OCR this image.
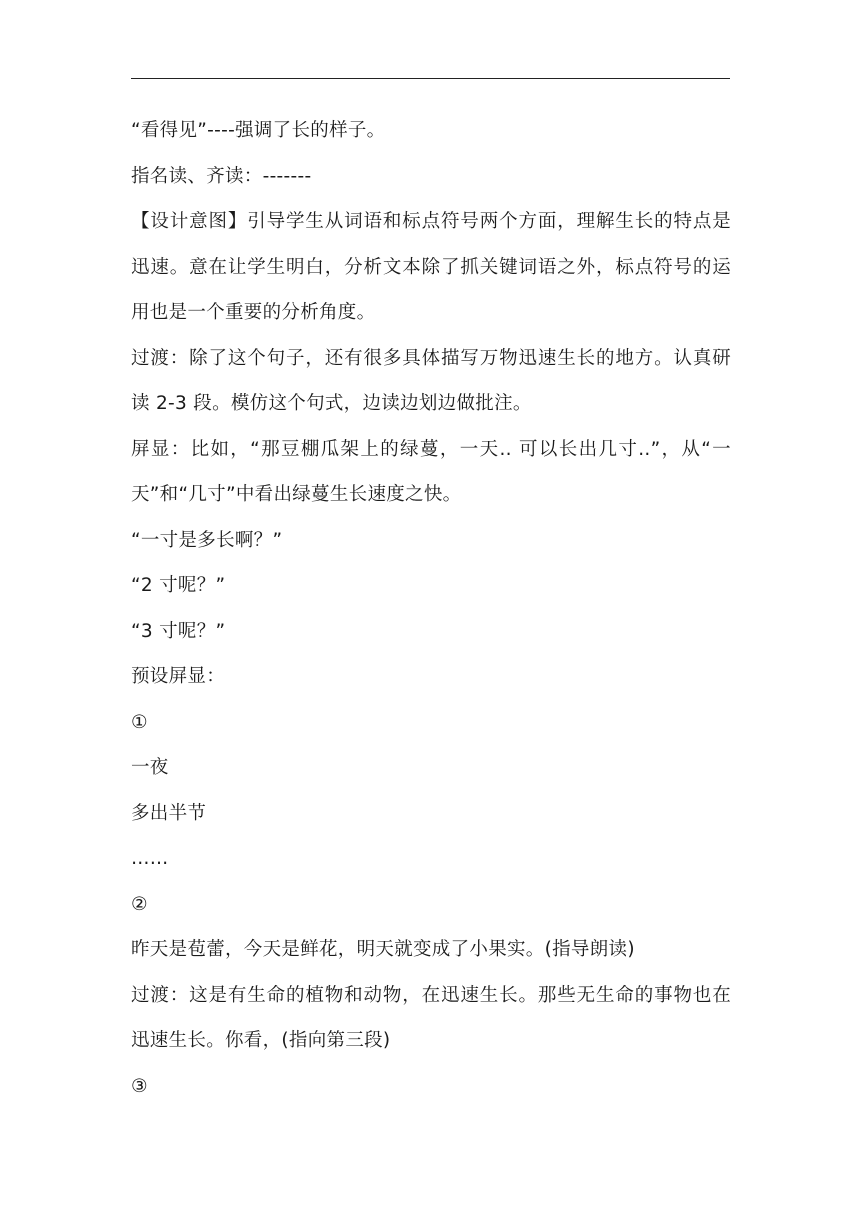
“看得见”----强调了长的样子。

指名读、齐读：-------

【设计意图】引导学生从词语和标点符号两个方面，理解生长的特点是迅速。意在让学生明白，分析文本除了抓关键词语之外，标点符号的运用也是一个重要的分析角度。

过渡：除了这个句子，还有很多具体描写万物迅速生长的地方。认真研读 2-3 段。模仿这个句式，边读边划边做批注。

屏显：比如，“那豆棚瓜架上的绿蔓，一天.. 可以长出几寸..”，从“一天”和“几寸”中看出绿蔓生长速度之快。

“一寸是多长啊？”

“2 寸呢？”

“3 寸呢？”

预设屏显：

①

一夜

多出半节

……

②

昨天是苞蕾，今天是鲜花，明天就变成了小果实。(指导朗读)

过渡：这是有生命的植物和动物，在迅速生长。那些无生命的事物也在迅速生长。你看，(指向第三段)

③
